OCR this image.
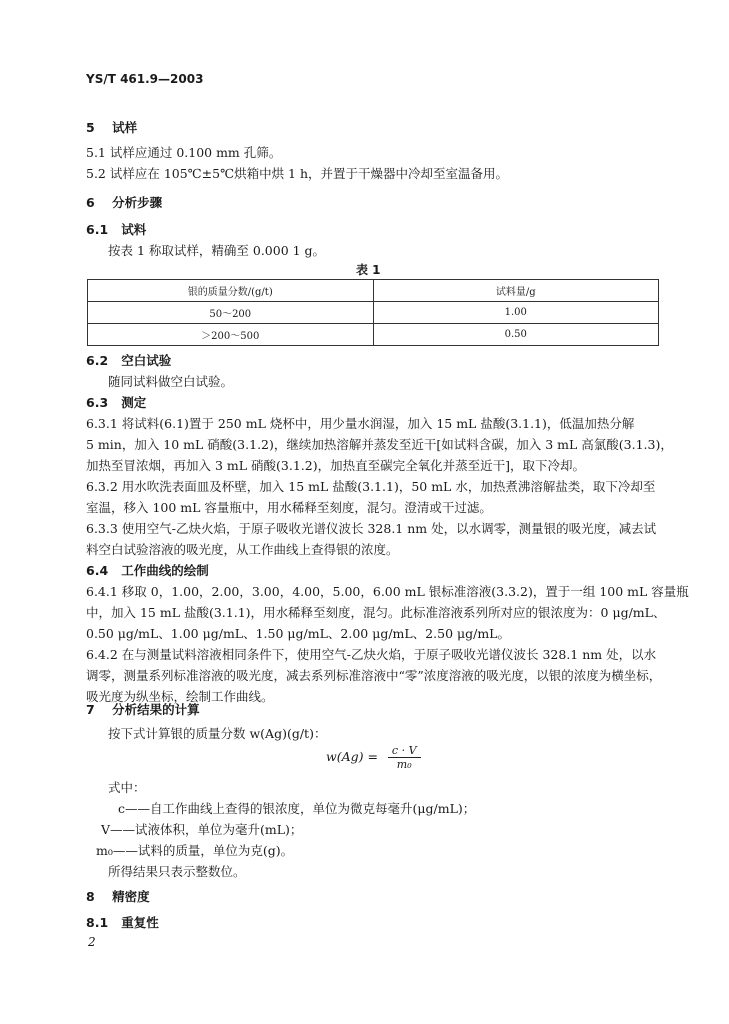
YS/T 461.9—2003
5 试样
5.1 试样应通过 0.100 mm 孔筛。
5.2 试样应在 105℃±5℃烘箱中烘 1 h，并置于干燥器中冷却至室温备用。
6 分析步骤
6.1 试料
按表 1 称取试样，精确至 0.000 1 g。
表 1
银的质量分数/(g/t)	试料量/g
50～200	1.00
＞200～500	0.50
6.2 空白试验
随同试料做空白试验。
6.3 测定
6.3.1 将试料(6.1)置于 250 mL 烧杯中，用少量水润湿，加入 15 mL 盐酸(3.1.1)，低温加热分解
5 min，加入 10 mL 硝酸(3.1.2)，继续加热溶解并蒸发至近干[如试料含碳，加入 3 mL 高氯酸(3.1.3)，
加热至冒浓烟，再加入 3 mL 硝酸(3.1.2)，加热直至碳完全氧化并蒸至近干]，取下冷却。
6.3.2 用水吹洗表面皿及杯壁，加入 15 mL 盐酸(3.1.1)，50 mL 水，加热煮沸溶解盐类，取下冷却至
室温，移入 100 mL 容量瓶中，用水稀释至刻度，混匀。澄清或干过滤。
6.3.3 使用空气-乙炔火焰，于原子吸收光谱仪波长 328.1 nm 处，以水调零，测量银的吸光度，减去试
料空白试验溶液的吸光度，从工作曲线上查得银的浓度。
6.4 工作曲线的绘制
6.4.1 移取 0，1.00，2.00，3.00，4.00，5.00，6.00 mL 银标准溶液(3.3.2)，置于一组 100 mL 容量瓶
中，加入 15 mL 盐酸(3.1.1)，用水稀释至刻度，混匀。此标准溶液系列所对应的银浓度为：0 μg/mL、
0.50 μg/mL、1.00 μg/mL、1.50 μg/mL、2.00 μg/mL、2.50 μg/mL。
6.4.2 在与测量试料溶液相同条件下，使用空气-乙炔火焰，于原子吸收光谱仪波长 328.1 nm 处，以水
调零，测量系列标准溶液的吸光度，减去系列标准溶液中“零”浓度溶液的吸光度，以银的浓度为横坐标，
吸光度为纵坐标，绘制工作曲线。
7 分析结果的计算
按下式计算银的质量分数 w(Ag)(g/t)：
$w(Ag) = \frac{c \cdot V}{\text{m₀}}$
式中：
c——自工作曲线上查得的银浓度，单位为微克每毫升(μg/mL)；
V——试液体积，单位为毫升(mL)；
m₀——试料的质量，单位为克(g)。
所得结果只表示整数位。
8 精密度
8.1 重复性
2
